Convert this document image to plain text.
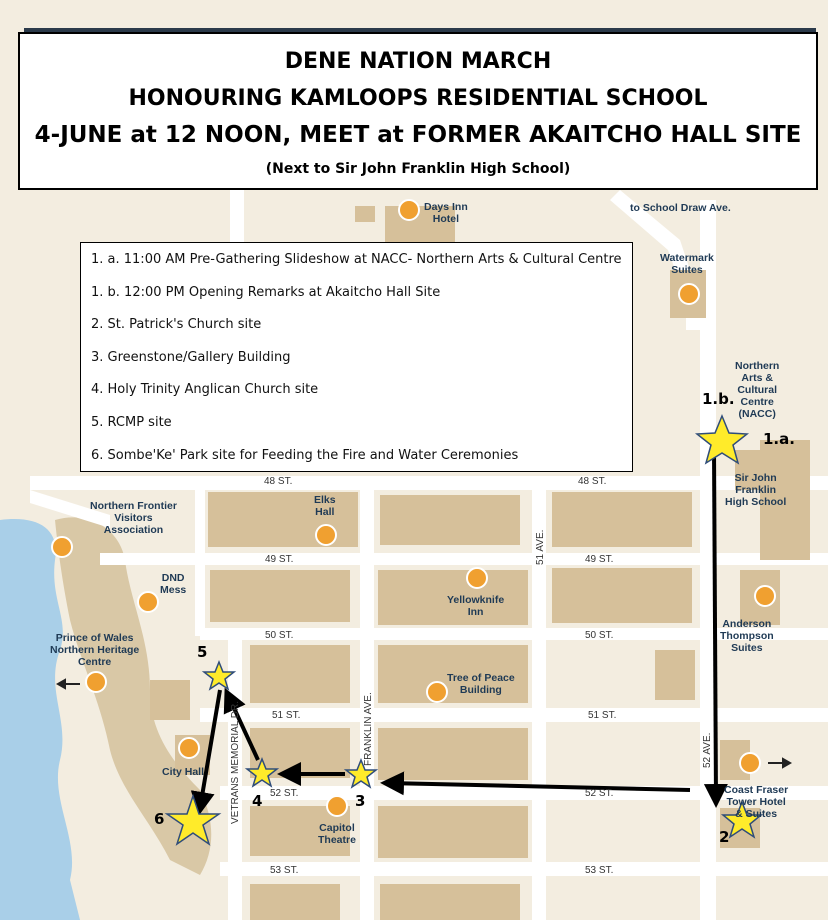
DENE NATION MARCH
HONOURING KAMLOOPS RESIDENTIAL SCHOOL
4-JUNE at 12 NOON, MEET at FORMER AKAITCHO HALL SITE
(Next to Sir John Franklin High School)
1. a. 11:00 AM Pre-Gathering Slideshow at NACC- Northern Arts & Cultural Centre
1. b. 12:00 PM Opening Remarks at Akaitcho Hall Site
2. St. Patrick's Church site
3. Greenstone/Gallery Building
4. Holy Trinity Anglican Church site
5. RCMP site
6. Sombe'Ke' Park site for Feeding the Fire and Water Ceremonies
1.b.
1.a.
2
3
4
5
6
48 ST.	48 ST.
49 ST.	49 ST.
50 ST.	50 ST.
51 ST.	51 ST.
52 ST.	52 ST.
53 ST.	53 ST.
51 AVE.
52 AVE.
FRANKLIN AVE.
VETRANS MEMORIAL DR.
Days Inn
Hotel
to School Draw Ave.
Watermark
Suites
Northern
Arts &
Cultural
Centre
(NACC)
Sir John
Franklin
High School
Elks
Hall
Northern Frontier
Visitors
Association
DND
Mess
Yellowknife
Inn
Anderson
Thompson
Suites
Prince of Wales
Northern Heritage
Centre
Tree of Peace
Building
City Hall
Capitol
Theatre
Coast Fraser
Tower Hotel
& Suites
